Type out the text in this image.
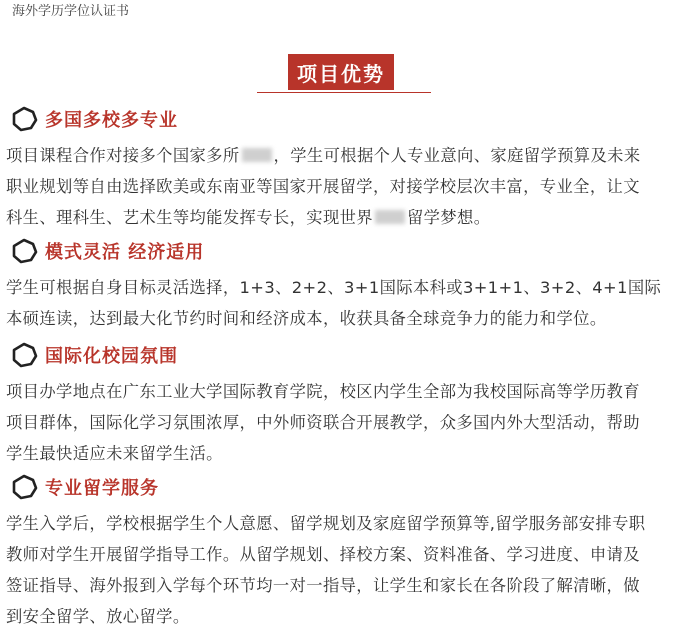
海外学历学位认证书
项目优势
多国多校多专业
项目课程合作对接多个国家多所 ，学生可根据个人专业意向、家庭留学预算及未来
职业规划等自由选择欧美或东南亚等国家开展留学，对接学校层次丰富，专业全，让文
科生、理科生、艺术生等均能发挥专长，实现世界 留学梦想。
模式灵活 经济适用
学生可根据自身目标灵活选择，1+3、2+2、3+1国际本科或3+1+1、3+2、4+1国际
本硕连读，达到最大化节约时间和经济成本，收获具备全球竞争力的能力和学位。
国际化校园氛围
项目办学地点在广东工业大学国际教育学院，校区内学生全部为我校国际高等学历教育
项目群体，国际化学习氛围浓厚，中外师资联合开展教学，众多国内外大型活动，帮助
学生最快适应未来留学生活。
专业留学服务
学生入学后，学校根据学生个人意愿、留学规划及家庭留学预算等,留学服务部安排专职
教师对学生开展留学指导工作。从留学规划、择校方案、资料准备、学习进度、申请及
签证指导、海外报到入学每个环节均一对一指导，让学生和家长在各阶段了解清晰，做
到安全留学、放心留学。
